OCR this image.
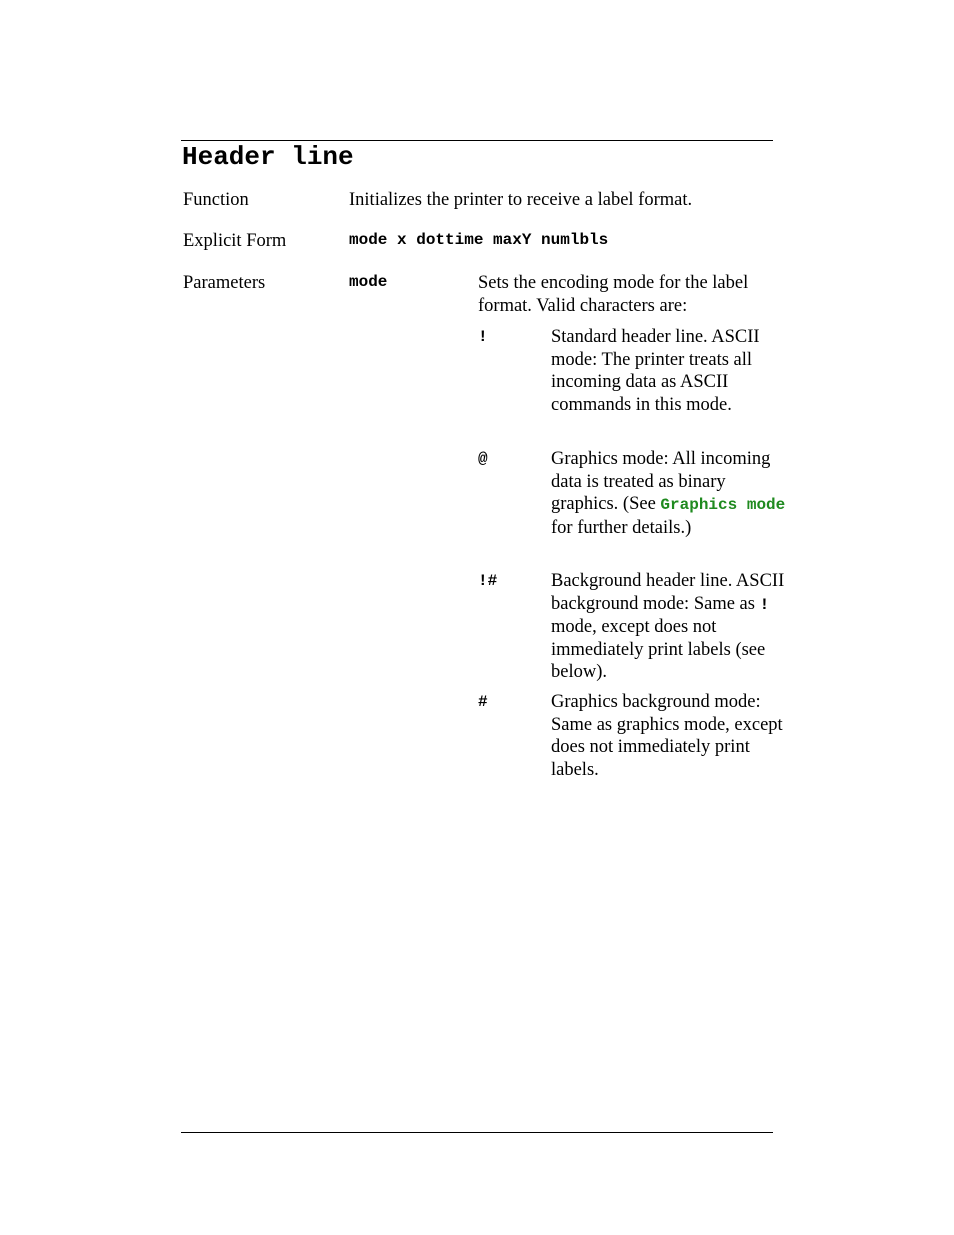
Header line
Function	Initializes the printer to receive a label format.
Explicit Form	mode x dottime maxY numlbls
Parameters	mode	Sets the encoding mode for the label format. Valid characters are:
!	Standard header line. ASCII mode: The printer treats all incoming data as ASCII commands in this mode.
@	Graphics mode: All incoming data is treated as binary graphics. (See Graphics mode for further details.)
!#	Background header line. ASCII background mode: Same as ! mode, except does not immediately print labels (see below).
#	Graphics background mode: Same as graphics mode, except does not immediately print labels.
